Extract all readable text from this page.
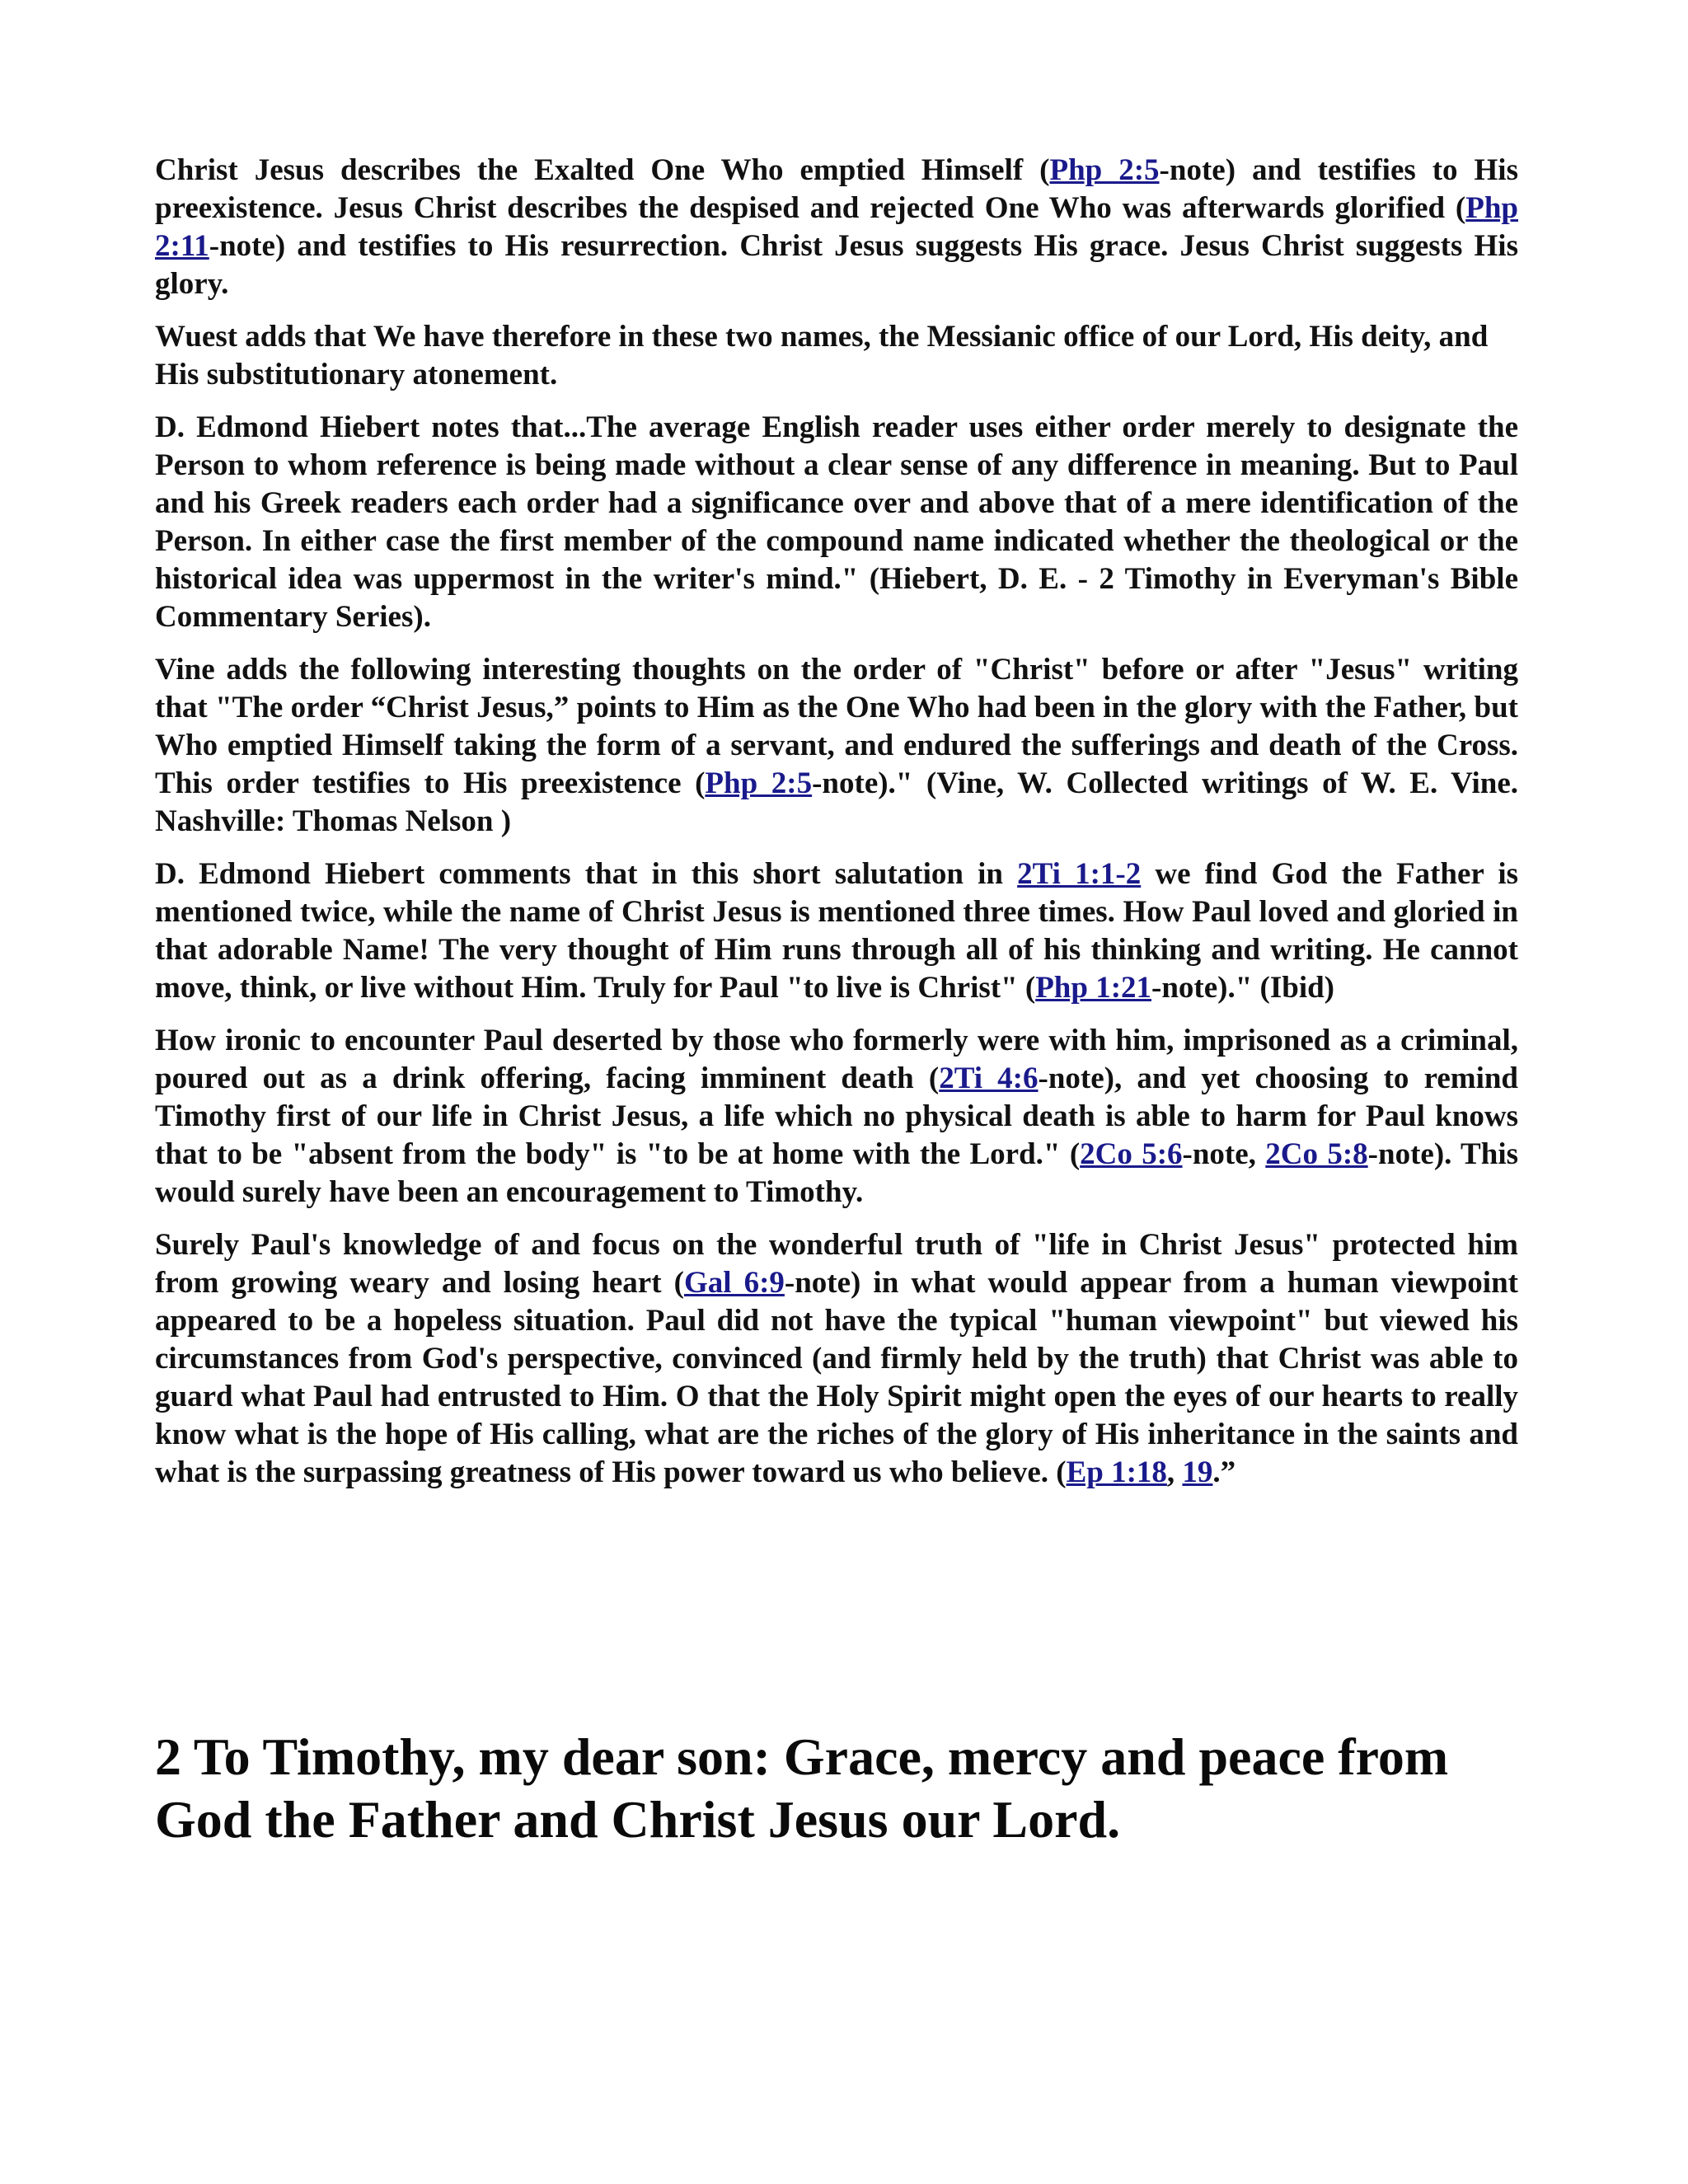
Christ Jesus describes the Exalted One Who emptied Himself (Php 2:5-note) and testifies to His preexistence. Jesus Christ describes the despised and rejected One Who was afterwards glorified (Php 2:11-note) and testifies to His resurrection. Christ Jesus suggests His grace. Jesus Christ suggests His glory.

Wuest adds that We have therefore in these two names, the Messianic office of our Lord, His deity, and His substitutionary atonement.

D. Edmond Hiebert notes that...The average English reader uses either order merely to designate the Person to whom reference is being made without a clear sense of any difference in meaning. But to Paul and his Greek readers each order had a significance over and above that of a mere identification of the Person. In either case the first member of the compound name indicated whether the theological or the historical idea was uppermost in the writer's mind." (Hiebert, D. E. - 2 Timothy in Everyman's Bible Commentary Series).

Vine adds the following interesting thoughts on the order of "Christ" before or after "Jesus" writing that "The order “Christ Jesus,” points to Him as the One Who had been in the glory with the Father, but Who emptied Himself taking the form of a servant, and endured the sufferings and death of the Cross. This order testifies to His preexistence (Php 2:5-note)." (Vine, W. Collected writings of W. E. Vine. Nashville: Thomas Nelson )

D. Edmond Hiebert comments that in this short salutation in 2Ti 1:1-2 we find God the Father is mentioned twice, while the name of Christ Jesus is mentioned three times. How Paul loved and gloried in that adorable Name! The very thought of Him runs through all of his thinking and writing. He cannot move, think, or live without Him. Truly for Paul "to live is Christ" (Php 1:21-note)." (Ibid)

How ironic to encounter Paul deserted by those who formerly were with him, imprisoned as a criminal, poured out as a drink offering, facing imminent death (2Ti 4:6-note), and yet choosing to remind Timothy first of our life in Christ Jesus, a life which no physical death is able to harm for Paul knows that to be "absent from the body" is "to be at home with the Lord." (2Co 5:6-note, 2Co 5:8-note). This would surely have been an encouragement to Timothy.

Surely Paul's knowledge of and focus on the wonderful truth of "life in Christ Jesus" protected him from growing weary and losing heart (Gal 6:9-note) in what would appear from a human viewpoint appeared to be a hopeless situation. Paul did not have the typical "human viewpoint" but viewed his circumstances from God's perspective, convinced (and firmly held by the truth) that Christ was able to guard what Paul had entrusted to Him. O that the Holy Spirit might open the eyes of our hearts to really know what is the hope of His calling, what are the riches of the glory of His inheritance in the saints and what is the surpassing greatness of His power toward us who believe. (Ep 1:18, 19.”

2 To Timothy, my dear son: Grace, mercy and peace from God the Father and Christ Jesus our Lord.
